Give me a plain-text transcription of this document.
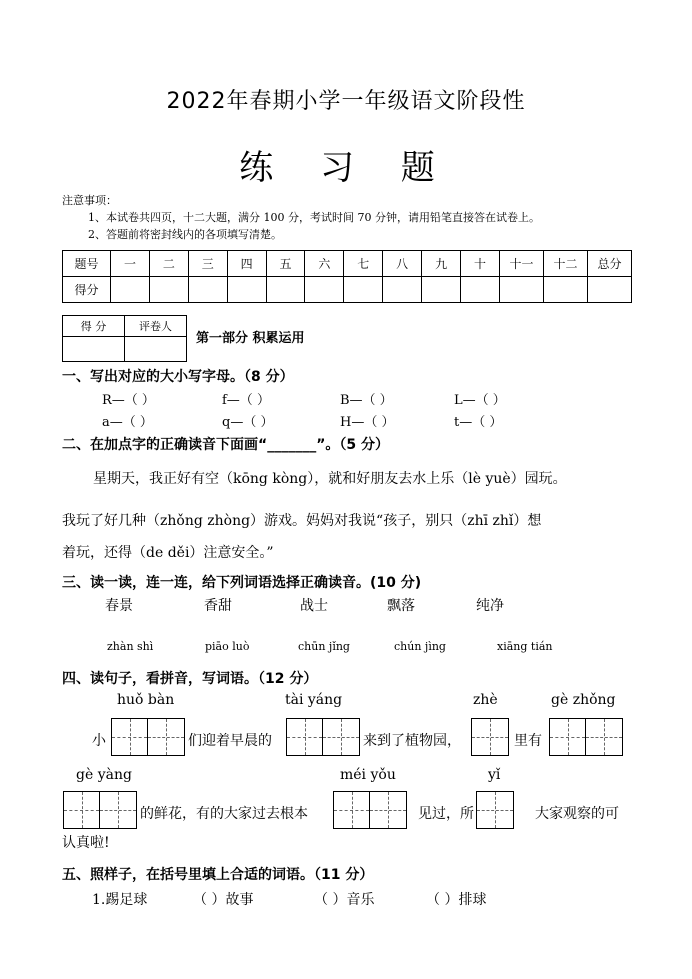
2022年春期小学一年级语文阶段性
练 习 题
注意事项：
1、本试卷共四页，十二大题，满分 100 分，考试时间 70 分钟，请用铅笔直接答在试卷上。
2、答题前将密封线内的各项填写清楚。
题号	一	二	三	四	五	六	七	八	九	十	十一	十二	总分
得分													
得 分	评卷人

第一部分 积累运用
一、写出对应的大小写字母。（8 分）
R—（ ）	f—（ ）	B—（ ）	L—（ ）
a—（ ）	q—（ ）	H—（ ）	t—（ ）
二、在加点字的正确读音下面画“_______”。（5 分）
星期天，我正好有空（kōng kòng），就和好朋友去水上乐（lè yuè）园玩。
我玩了好几种（zhǒng zhòng）游戏。妈妈对我说“孩子，别只（zhī zhǐ）想
着玩，还得（de děi）注意安全。”
三、读一读，连一连，给下列词语选择正确读音。(10 分)
春景	香甜	战士	飘落	纯净
zhàn shì	piāo luò	chūn jǐng	chún jìng	xiāng tián
四、读句子，看拼音，写词语。（12 分）
huǒ bàn	tài yáng	zhè	gè zhǒng
小	们迎着早晨的	来到了植物园，	里有
gè yàng	méi yǒu	yǐ
的鲜花，有的大家过去根本	见过，所	大家观察的可
认真啦!
五、照样子，在括号里填上合适的词语。（11 分）
1.踢足球	（ ）故事	（ ）音乐	（ ）排球
